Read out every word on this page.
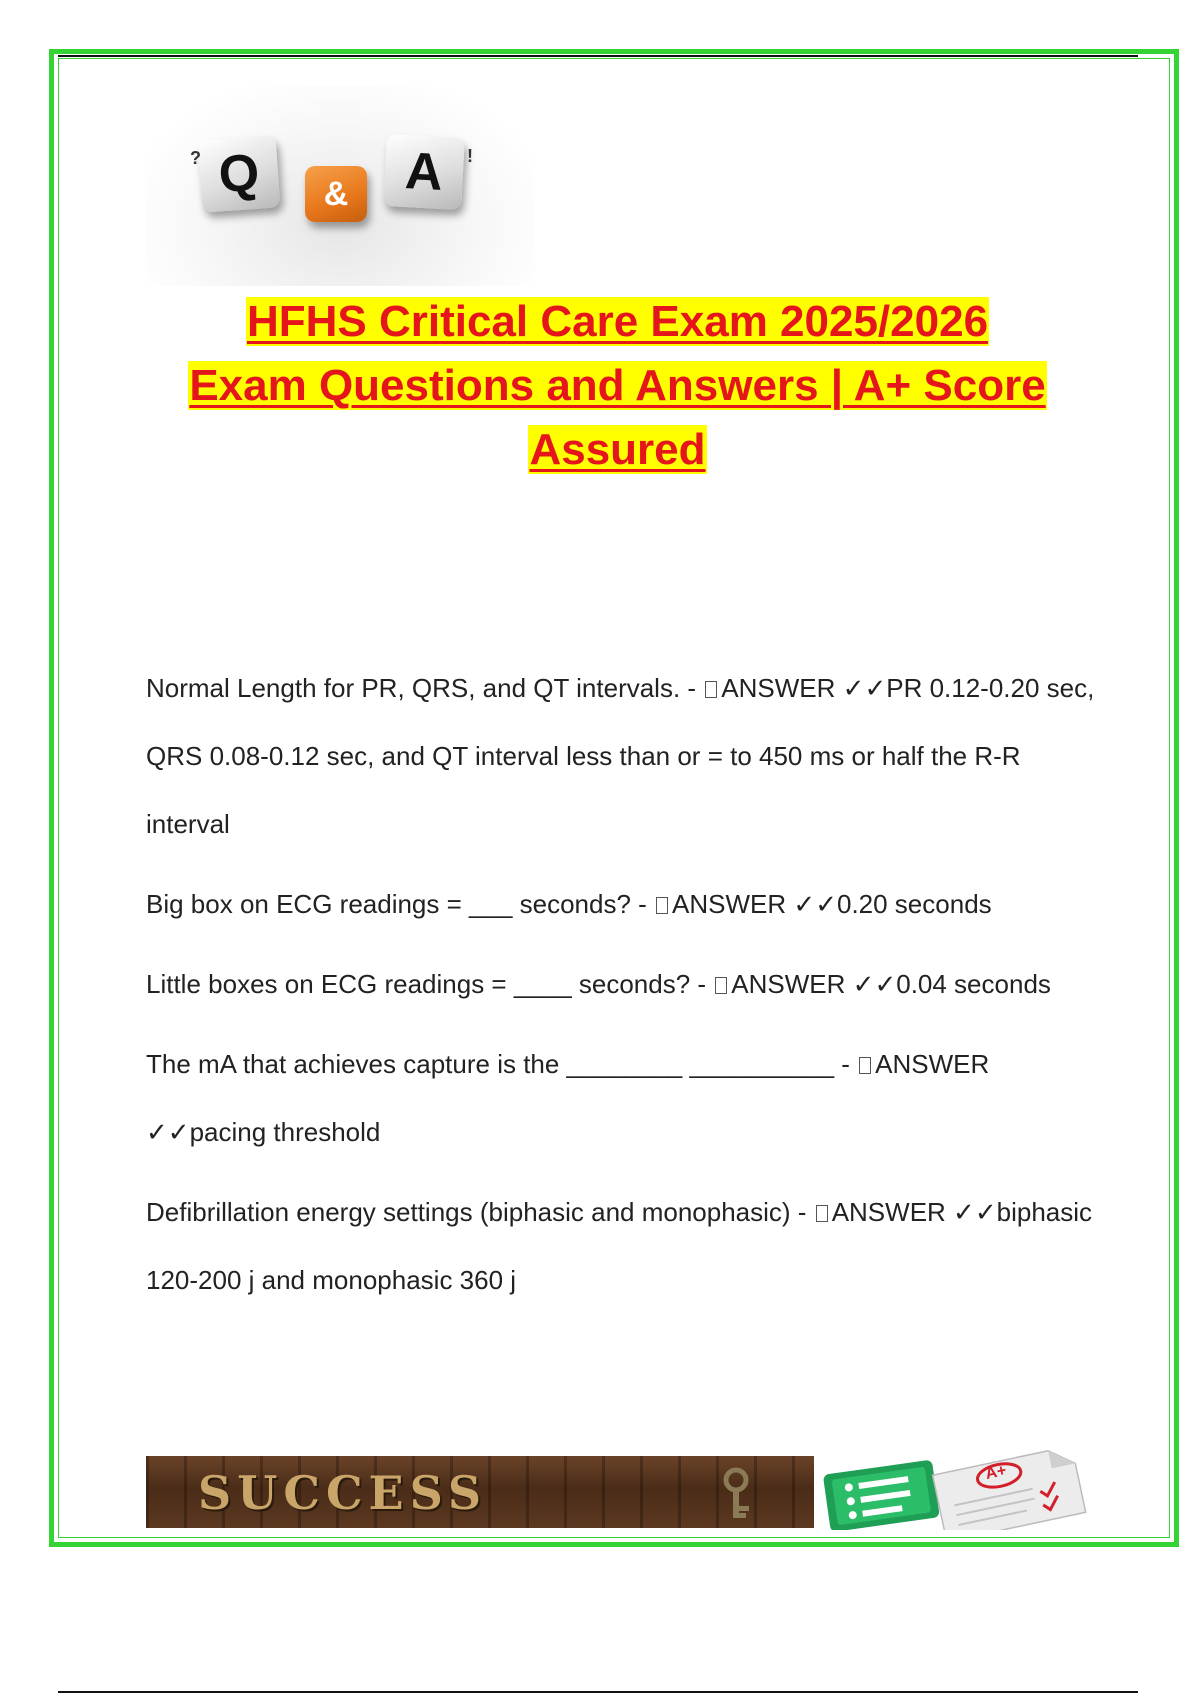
Q
?
& A !
HFHS Critical Care Exam 2025/2026
Exam Questions and Answers | A+ Score
Assured
Normal Length for PR, QRS, and QT intervals. - ANSWER ✓✓PR 0.12-0.20 sec, QRS 0.08-0.12 sec, and QT interval less than or = to 450 ms or half the R-R interval
Big box on ECG readings = ___ seconds? - ANSWER ✓✓0.20 seconds
Little boxes on ECG readings = ____ seconds? - ANSWER ✓✓0.04 seconds
The mA that achieves capture is the ________ __________ - ANSWER ✓✓pacing threshold
Defibrillation energy settings (biphasic and monophasic) - ANSWER ✓✓biphasic 120-200 j and monophasic 360 j
SUCCESS	A+
